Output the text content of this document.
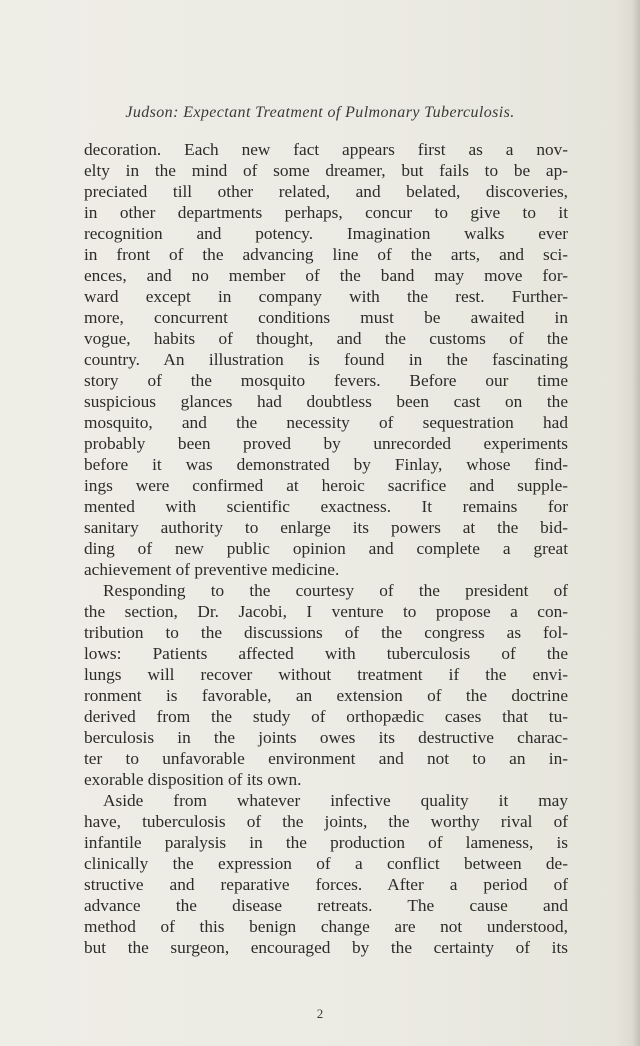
Judson: Expectant Treatment of Pulmonary Tuberculosis.
decoration. Each new fact appears first as a nov-
elty in the mind of some dreamer, but fails to be ap-
preciated till other related, and belated, discoveries,
in other departments perhaps, concur to give to it
recognition and potency. Imagination walks ever
in front of the advancing line of the arts, and sci-
ences, and no member of the band may move for-
ward except in company with the rest. Further-
more, concurrent conditions must be awaited in
vogue, habits of thought, and the customs of the
country. An illustration is found in the fascinating
story of the mosquito fevers. Before our time
suspicious glances had doubtless been cast on the
mosquito, and the necessity of sequestration had
probably been proved by unrecorded experiments
before it was demonstrated by Finlay, whose find-
ings were confirmed at heroic sacrifice and supple-
mented with scientific exactness. It remains for
sanitary authority to enlarge its powers at the bid-
ding of new public opinion and complete a great
achievement of preventive medicine.
Responding to the courtesy of the president of
the section, Dr. Jacobi, I venture to propose a con-
tribution to the discussions of the congress as fol-
lows: Patients affected with tuberculosis of the
lungs will recover without treatment if the envi-
ronment is favorable, an extension of the doctrine
derived from the study of orthopædic cases that tu-
berculosis in the joints owes its destructive charac-
ter to unfavorable environment and not to an in-
exorable disposition of its own.
Aside from whatever infective quality it may
have, tuberculosis of the joints, the worthy rival of
infantile paralysis in the production of lameness, is
clinically the expression of a conflict between de-
structive and reparative forces. After a period of
advance the disease retreats. The cause and
method of this benign change are not understood,
but the surgeon, encouraged by the certainty of its
2
